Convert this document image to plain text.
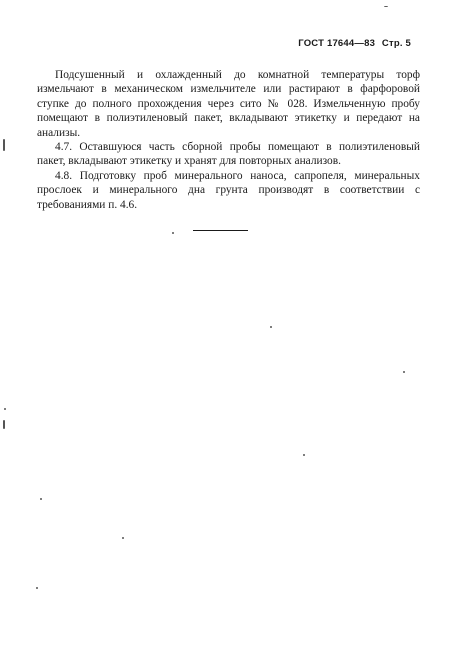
ГОСТ 17644—83 Стр. 5

Подсушенный и охлажденный до комнатной температуры торф измельчают в механическом измельчителе или растирают в фарфоровой ступке до полного прохождения через сито № 028. Измельченную пробу помещают в полиэтиленовый пакет, вкладывают этикетку и передают на анализы.

4.7. Оставшуюся часть сборной пробы помещают в полиэтиленовый пакет, вкладывают этикетку и хранят для повторных анализов.

4.8. Подготовку проб минерального наноса, сапропеля, минеральных прослоек и минерального дна грунта производят в соответствии с требованиями п. 4.6.
